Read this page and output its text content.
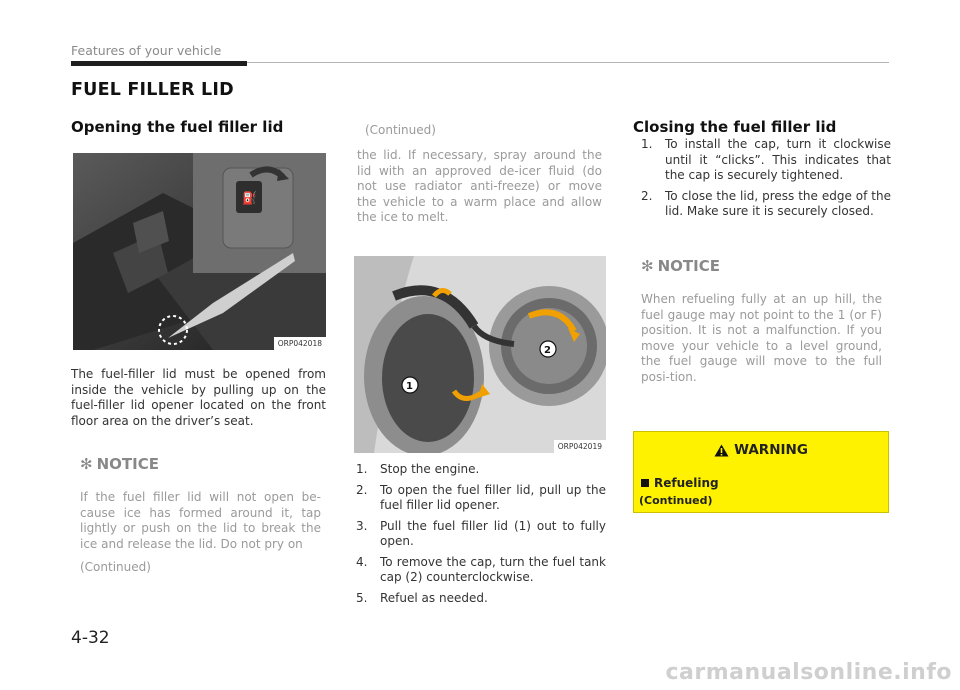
Features of your vehicle
FUEL FILLER LID
Opening the fuel filler lid
⛽
ORP042018
The fuel-filler lid must be opened from inside the vehicle by pulling up on the fuel-filler lid opener located on the front floor area on the driver’s seat.
✻ NOTICE
If the fuel filler lid will not open be-cause ice has formed around it, tap lightly or push on the lid to break the ice and release the lid. Do not pry on
(Continued)
(Continued)
the lid. If necessary, spray around the lid with an approved de-icer fluid (do not use radiator anti-freeze) or move the vehicle to a warm place and allow the ice to melt.
1
2
ORP042019
1.	Stop the engine.
2.	To open the fuel filler lid, pull up the fuel filler lid opener.
3.	Pull the fuel filler lid (1) out to fully open.
4.	To remove the cap, turn the fuel tank cap (2) counterclockwise.
5.	Refuel as needed.
Closing the fuel filler lid
1.	To install the cap, turn it clockwise until it “clicks”. This indicates that the cap is securely tightened.
2.	To close the lid, press the edge of the lid. Make sure it is securely closed.
✻ NOTICE
When refueling fully at an up hill, the fuel gauge may not point to the 1 (or F) position. It is not a malfunction. If you move your vehicle to a level ground, the fuel gauge will move to the full posi-tion.
WARNING
Refueling
(Continued)
4-32
carmanualsonline.info
